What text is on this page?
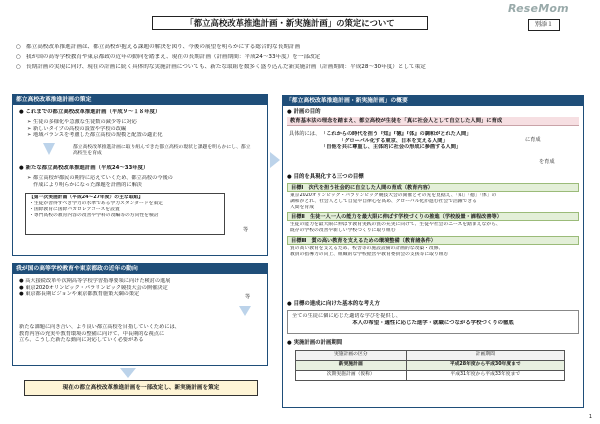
ReseMom
「都立高校改革推進計画・新実施計画」の策定について	別添１
○ 都立高校改革推進計画は、都立高校が抱える課題の解決を図り、今後の展望を明らかにする総合的な長期計画
○ 我が国の高等学校教育や東京都政の近年の動向を踏まえ、現在の長期計画（計画期間：平成24～33年度）を一部改定
○ 長期計画の実現に向け、現在の計画に続く具体的な実施計画についても、新たな取組を数多く盛り込んだ新実施計画（計画期間：平成28～30年度）として策定
都立高校改革推進計画の策定
● これまでの都立高校改革推進計画（平成９～１８年度）
➢ 生徒の多様化や急激な生徒数の減少等に対応
➢ 新しいタイプの高校の設置や学校の改編
➢ 地域バランスを考慮した都立高校の規模と配置の適正化
都立高校改革推進計画に取り組んできた都立高校の現状と課題を明らかにし、都立高校生を育成
● 新たな都立高校改革推進計画（平成24～33年度）
➢ 都立高校が都民の期待に応えていくため、都立高校の今後の
作成により明らかになった課題を計画的に解決
【第一次実施計画（平成24～27年度）の主な取組】
・生徒が習得すべき学力の水準である学力スタンダードを策定
・国際教育に国際バカロレアコースを設置
・専門高校の教育内容の改善や学科の改編等の方向性を検討
等
我が国の高等学校教育や東京都政の近年の動向
● 高大接続改革や次期高等学校学習指導要領に向けた検討の進展
● 東京2020オリンピック・パラリンピック競技大会の開催決定
● 東京都長期ビジョンや東京都教育施策大綱の策定	等
新たな課題に向き合い、より良い都立高校を目指していくためには、
教育内容の充実や教育環境の整備に向けて、中長期的な視点に
立ち、こうした新たな動向に対応していく必要がある
現在の都立高校改革推進計画を一部改定し、新実施計画を策定
「都立高校改革推進計画・新実施計画」の概要
● 計画の目的
教育基本法の理念を踏まえ、都立高校が生徒を「真に社会人として自立した人間」に育成
具体的には、 「これからの時代を担う『知』『徳』『体』の調和がとれた人間」
「グローバル化する東京、日本を支える人間」
「自他を共に尊重し、主体的に社会の形成に参画する人間」
に育成
を育成
● 目的を具現化する三つの目標
目標Ⅰ　次代を担う社会的に自立した人間の育成（教育内容）
東京2020オリンピック・パラリンピック競技大会の開催とその先を見据え、「知」「徳」「体」の
調和がとれ、社会人として自覚や自律心を高め、グローバル化が進む社会で活躍できる
人間を育成
目標Ⅱ　生徒一人一人の能力を最大限に伸ばす学校づくりの推進（学校設置・課程改善等）
生徒の能力を最大限に伸ばす教育実践の質の充実に向けて、生徒や社会のニーズを踏まえながら、
既存の学校の改善や新しい学校づくりに取り組む
目標Ⅲ　質の高い教育を支えるための環境整備（教育諸条件）
質の高い教育を支えるため、校舎等の施設設備の計画的な改築・改修、
教員の指導力の向上、組織的な学校経営や教育委員会の支援等に取り組む
● 目標の達成に向けた基本的な考え方
全ての生徒に個に応じた適切な学びを提供し、
本人の希望・適性に応じた進学・就職につながる学校づくりの徹底
● 実施計画の計画期間
実施計画の区分	計画期間
新実施計画	平成28年度から平成30年度まで
次期実施計画（仮称）	平成31年度から平成33年度まで
1
